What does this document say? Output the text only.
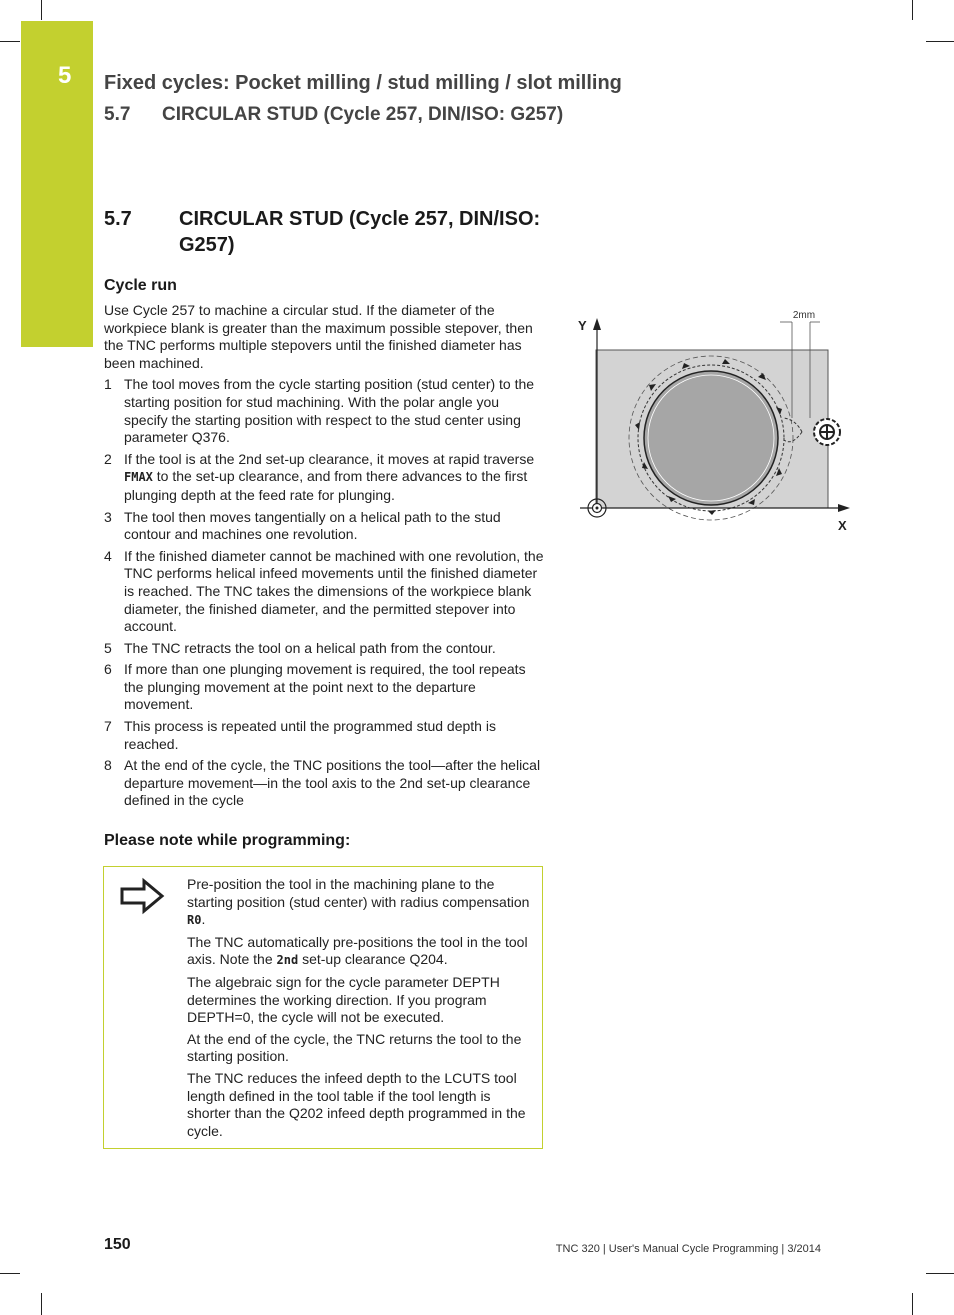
5 Fixed cycles: Pocket milling / stud milling / slot milling
5.7 CIRCULAR STUD (Cycle 257, DIN/ISO: G257)
5.7 CIRCULAR STUD (Cycle 257, DIN/ISO: G257)
Cycle run

Use Cycle 257 to machine a circular stud. If the diameter of the workpiece blank is greater than the maximum possible stepover, then the TNC performs multiple stepovers until the finished diameter has been machined.

1 The tool moves from the cycle starting position (stud center) to the starting position for stud machining. With the polar angle you specify the starting position with respect to the stud center using parameter Q376.
2 If the tool is at the 2nd set-up clearance, it moves at rapid traverse FMAX to the set-up clearance, and from there advances to the first plunging depth at the feed rate for plunging.
3 The tool then moves tangentially on a helical path to the stud contour and machines one revolution.
4 If the finished diameter cannot be machined with one revolution, the TNC performs helical infeed movements until the finished diameter is reached. The TNC takes the dimensions of the workpiece blank diameter, the finished diameter, and the permitted stepover into account.
5 The TNC retracts the tool on a helical path from the contour.
6 If more than one plunging movement is required, the tool repeats the plunging movement at the point next to the departure movement.
7 This process is repeated until the programmed stud depth is reached.
8 At the end of the cycle, the TNC positions the tool—after the helical departure movement—in the tool axis to the 2nd set-up clearance defined in the cycle
Please note while programming:

Pre-position the tool in the machining plane to the starting position (stud center) with radius compensation R0.

The TNC automatically pre-positions the tool in the tool axis. Note the 2nd set-up clearance Q204.

The algebraic sign for the cycle parameter DEPTH determines the working direction. If you program DEPTH=0, the cycle will not be executed.

At the end of the cycle, the TNC returns the tool to the starting position.

The TNC reduces the infeed depth to the LCUTS tool length defined in the tool table if the tool length is shorter than the Q202 infeed depth programmed in the cycle.

2mm
Y
X
150	TNC 320 | User's Manual Cycle Programming | 3/2014
